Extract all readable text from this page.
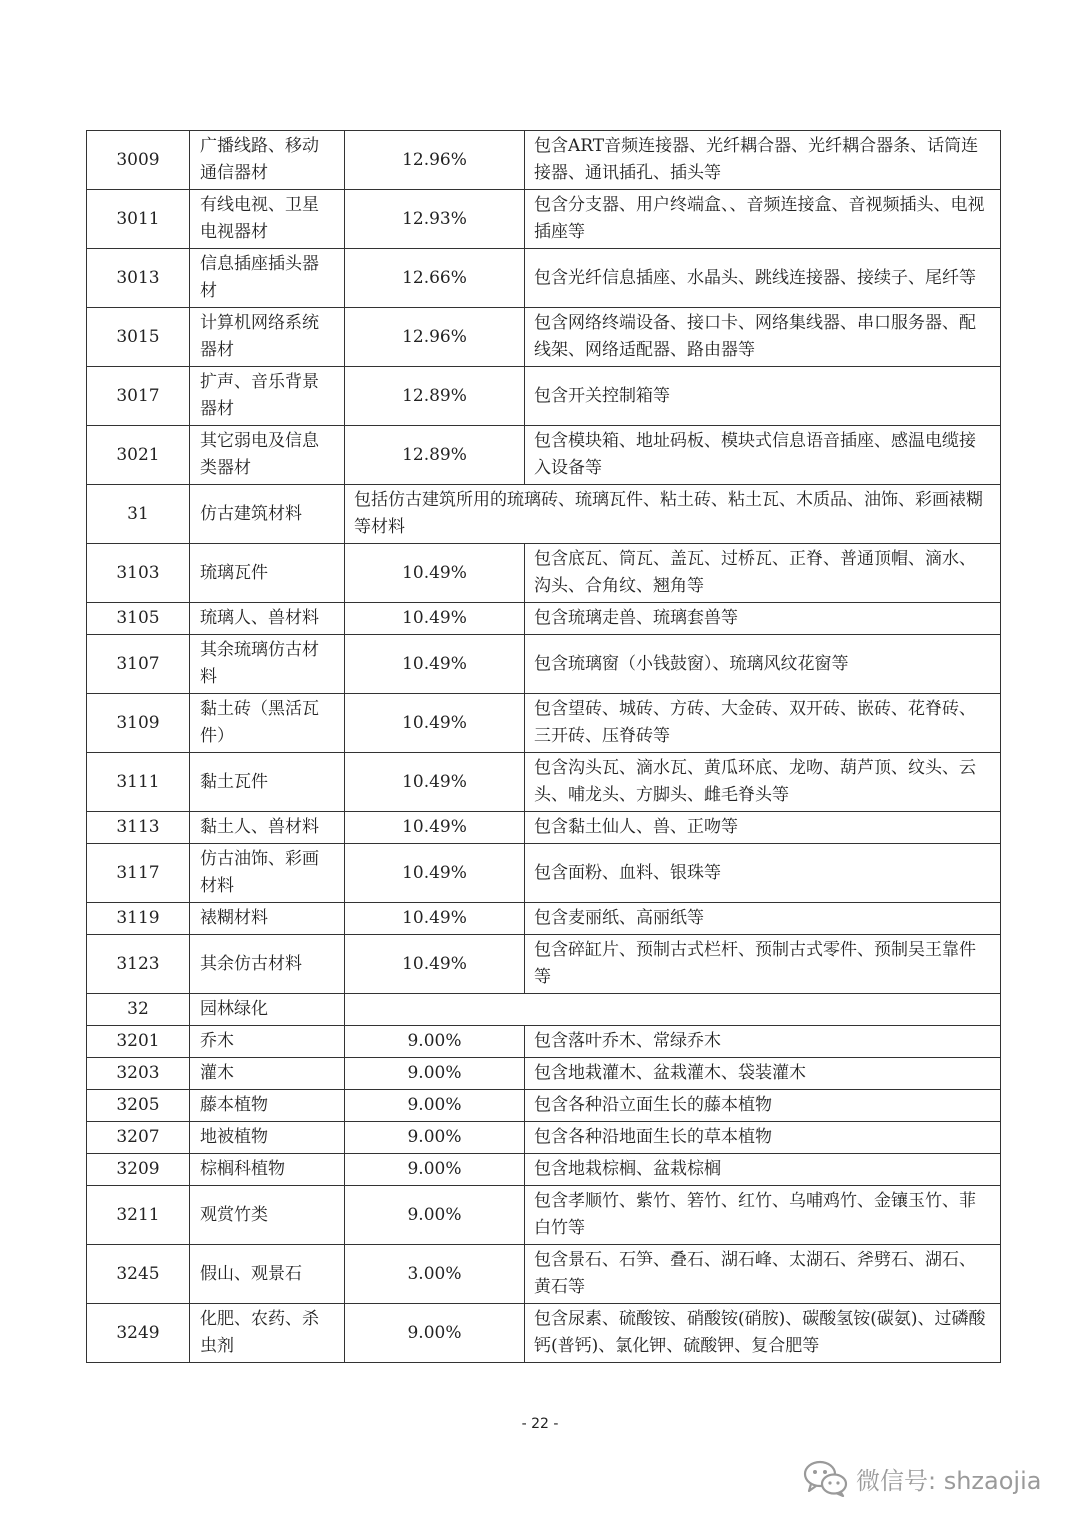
3009	广播线路、移动通信器材	12.96%	包含ART音频连接器、光纤耦合器、光纤耦合器条、话筒连接器、通讯插孔、插头等
3011	有线电视、卫星电视器材	12.93%	包含分支器、用户终端盒、、音频连接盒、音视频插头、电视插座等
3013	信息插座插头器材	12.66%	包含光纤信息插座、水晶头、跳线连接器、接续子、尾纤等
3015	计算机网络系统器材	12.96%	包含网络终端设备、接口卡、网络集线器、串口服务器、配线架、网络适配器、路由器等
3017	扩声、音乐背景器材	12.89%	包含开关控制箱等
3021	其它弱电及信息类器材	12.89%	包含模块箱、地址码板、模块式信息语音插座、感温电缆接入设备等
31	仿古建筑材料	包括仿古建筑所用的琉璃砖、琉璃瓦件、粘土砖、粘土瓦、木质品、油饰、彩画裱糊等材料	
3103	琉璃瓦件	10.49%	包含底瓦、筒瓦、盖瓦、过桥瓦、正脊、普通顶帽、滴水、沟头、合角纹、翘角等
3105	琉璃人、兽材料	10.49%	包含琉璃走兽、琉璃套兽等
3107	其余琉璃仿古材料	10.49%	包含琉璃窗（小钱鼓窗）、琉璃风纹花窗等
3109	黏土砖（黑活瓦件）	10.49%	包含望砖、城砖、方砖、大金砖、双开砖、嵌砖、花脊砖、三开砖、压脊砖等
3111	黏土瓦件	10.49%	包含沟头瓦、滴水瓦、黄瓜环底、龙吻、葫芦顶、纹头、云头、哺龙头、方脚头、雌毛脊头等
3113	黏土人、兽材料	10.49%	包含黏土仙人、兽、正吻等
3117	仿古油饰、彩画材料	10.49%	包含面粉、血料、银珠等
3119	裱糊材料	10.49%	包含麦丽纸、高丽纸等
3123	其余仿古材料	10.49%	包含碎缸片、预制古式栏杆、预制古式零件、预制吴王靠件等
32	园林绿化		
3201	乔木	9.00%	包含落叶乔木、常绿乔木
3203	灌木	9.00%	包含地栽灌木、盆栽灌木、袋装灌木
3205	藤本植物	9.00%	包含各种沿立面生长的藤本植物
3207	地被植物	9.00%	包含各种沿地面生长的草本植物
3209	棕榈科植物	9.00%	包含地栽棕榈、盆栽棕榈
3211	观赏竹类	9.00%	包含孝顺竹、紫竹、箬竹、红竹、乌哺鸡竹、金镶玉竹、菲白竹等
3245	假山、观景石	3.00%	包含景石、石笋、叠石、湖石峰、太湖石、斧劈石、湖石、黄石等
3249	化肥、农药、杀虫剂	9.00%	包含尿素、硫酸铵、硝酸铵(硝胺)、碳酸氢铵(碳氨)、过磷酸钙(普钙)、氯化钾、硫酸钾、复合肥等
- 22 -
微信号: shzaojia
